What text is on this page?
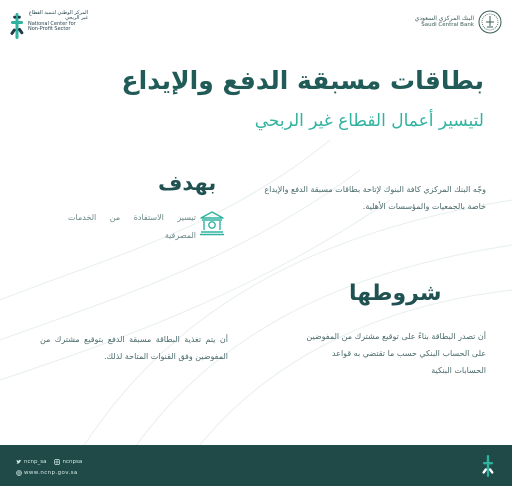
المركز الوطني لتنمية القطاع غير الربحي
National Center for Non-Profit Sector
البنك المركزي السعودي
Saudi Central Bank
بطاقات مسبقة الدفع والإيداع
لتيسير أعمال القطاع غير الربحي
وجّه البنك المركزي كافة البنوك لإتاحة بطاقات مسبقة الدفع والإيداع خاصة بالجمعيات والمؤسسات الأهلية.
بهدف
تيسير الاستفادة من الخدمات المصرفية
شروطها
أن تصدر البطاقة بناءً على توقيع مشترك من المفوضين على الحساب البنكي حسب ما تقتضي به قواعد الحسابات البنكية
أن يتم تغذية البطاقة مسبقة الدفع بتوقيع مشترك من المفوضين وفق القنوات المتاحة لذلك.
ncnp_sa	ncnpsa
www.ncnp.gov.sa
